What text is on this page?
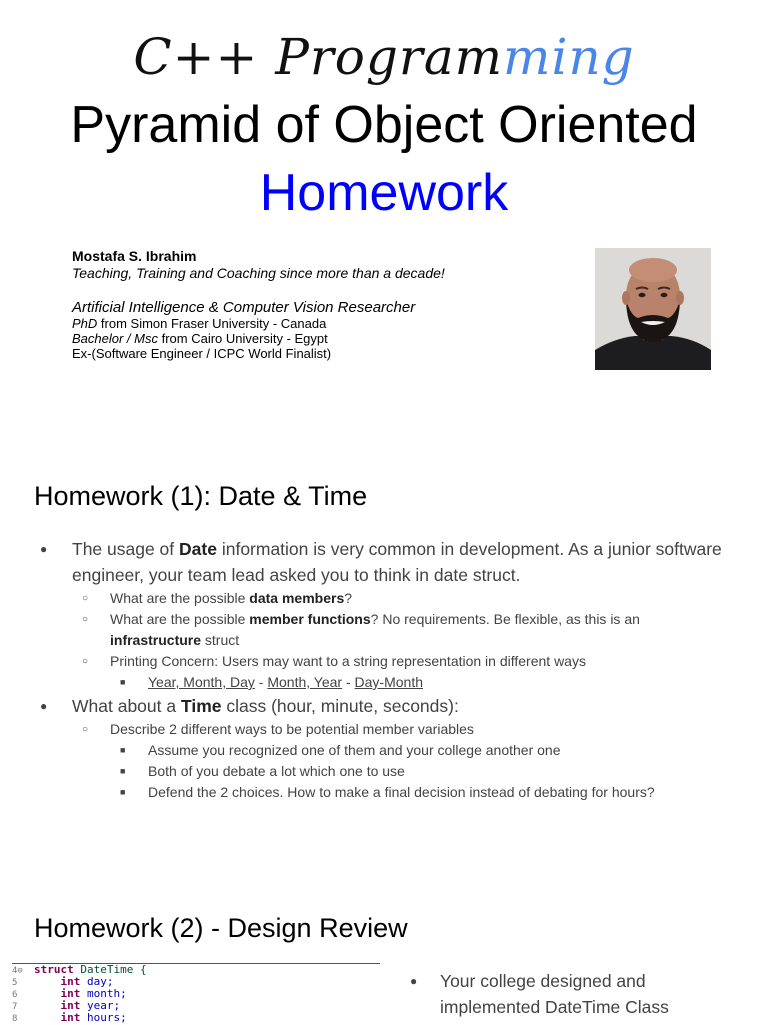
C++ Programming
Pyramid of Object Oriented
Homework
Mostafa S. Ibrahim
Teaching, Training and Coaching since more than a decade!
Artificial Intelligence & Computer Vision Researcher
PhD from Simon Fraser University - Canada
Bachelor / Msc from Cairo University - Egypt
Ex-(Software Engineer / ICPC World Finalist)
Homework (1): Date & Time
● The usage of Date information is very common in development. As a junior software engineer, your team lead asked you to think in date struct.
○ What are the possible data members?
○ What are the possible member functions? No requirements. Be flexible, as this is an infrastructure struct
○ Printing Concern: Users may want to a string representation in different ways
■ Year, Month, Day - Month, Year - Day-Month
● What about a Time class (hour, minute, seconds):
○ Describe 2 different ways to be potential member variables
■ Assume you recognized one of them and your college another one
■ Both of you debate a lot which one to use
■ Defend the 2 choices. How to make a final decision instead of debating for hours?
Homework (2) - Design Review
4⊖ struct DateTime {
5	int day;
6	int month;
7	int year;
8	int hours;
● Your college designed and implemented DateTime Class
